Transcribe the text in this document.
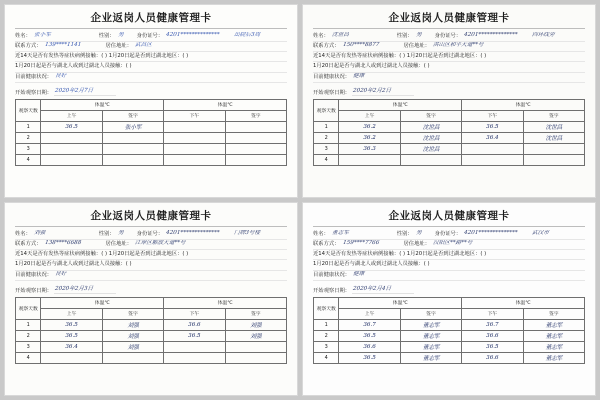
企业返岗人员健康管理卡
姓名： 张小军	性别： 男 身份证号： 4201************** 出院后3周
联系方式： 139****1141	居住地址： 武昌区
近14天是否有发热等症状病例接触：( ) 1月20日起是否到过湖北地区：( )
1月20日起是否与湖北人或到过湖北人员接触：( )
目前健康状况： 良好
开始观察日期： 2020年2月7日
观察天数	体温℃		体温℃	
	上午	签字	下午	签字
1	36.5	张小军		
2				
3				
4				
企业返岗人员健康管理卡
姓名： 沈世昌	性别： 男 身份证号： 4201************** 四环线旁
联系方式： 150****8877	居住地址： 洪山区和平大道**号
近14天是否有发热等症状病例接触：( ) 1月20日起是否到过湖北地区：( )
1月20日起是否与湖北人或到过湖北人员接触：( )
目前健康状况： 健康
开始观察日期： 2020年2月2日
观察天数	体温℃		体温℃	
	上午	签字	下午	签字
1	36.2	沈世昌	36.5	沈世昌
2	36.2	沈世昌	36.4	沈世昌
3	36.3	沈世昌		
4				
企业返岗人员健康管理卡
姓名： 刘强	性别： 男 身份证号： 4201************** 门牌3号楼
联系方式： 138****6688	居住地址： 江岸区解放大道**号
近14天是否有发热等症状病例接触：( ) 1月20日起是否到过湖北地区：( )
1月20日起是否与湖北人或到过湖北人员接触：( )
目前健康状况： 良好
开始观察日期： 2020年2月3日
观察天数	体温℃		体温℃	
	上午	签字	下午	签字
1	36.5	刘强	36.6	刘强
2	36.5	刘强	36.5	刘强
3	36.4	刘强		
4				
企业返岗人员健康管理卡
姓名： 董志军	性别： 男 身份证号： 4201************** 武汉市
联系方式： 159****7766	居住地址： 汉阳区**路**号
近14天是否有发热等症状病例接触：( ) 1月20日起是否到过湖北地区：( )
1月20日起是否与湖北人或到过湖北人员接触：( )
目前健康状况： 健康
开始观察日期： 2020年2月4日
观察天数	体温℃		体温℃	
	上午	签字	下午	签字
1	36.7	董志军	36.7	董志军
2	36.5	董志军	36.6	董志军
3	36.6	董志军	36.5	董志军
4	36.5	董志军	36.6	董志军
